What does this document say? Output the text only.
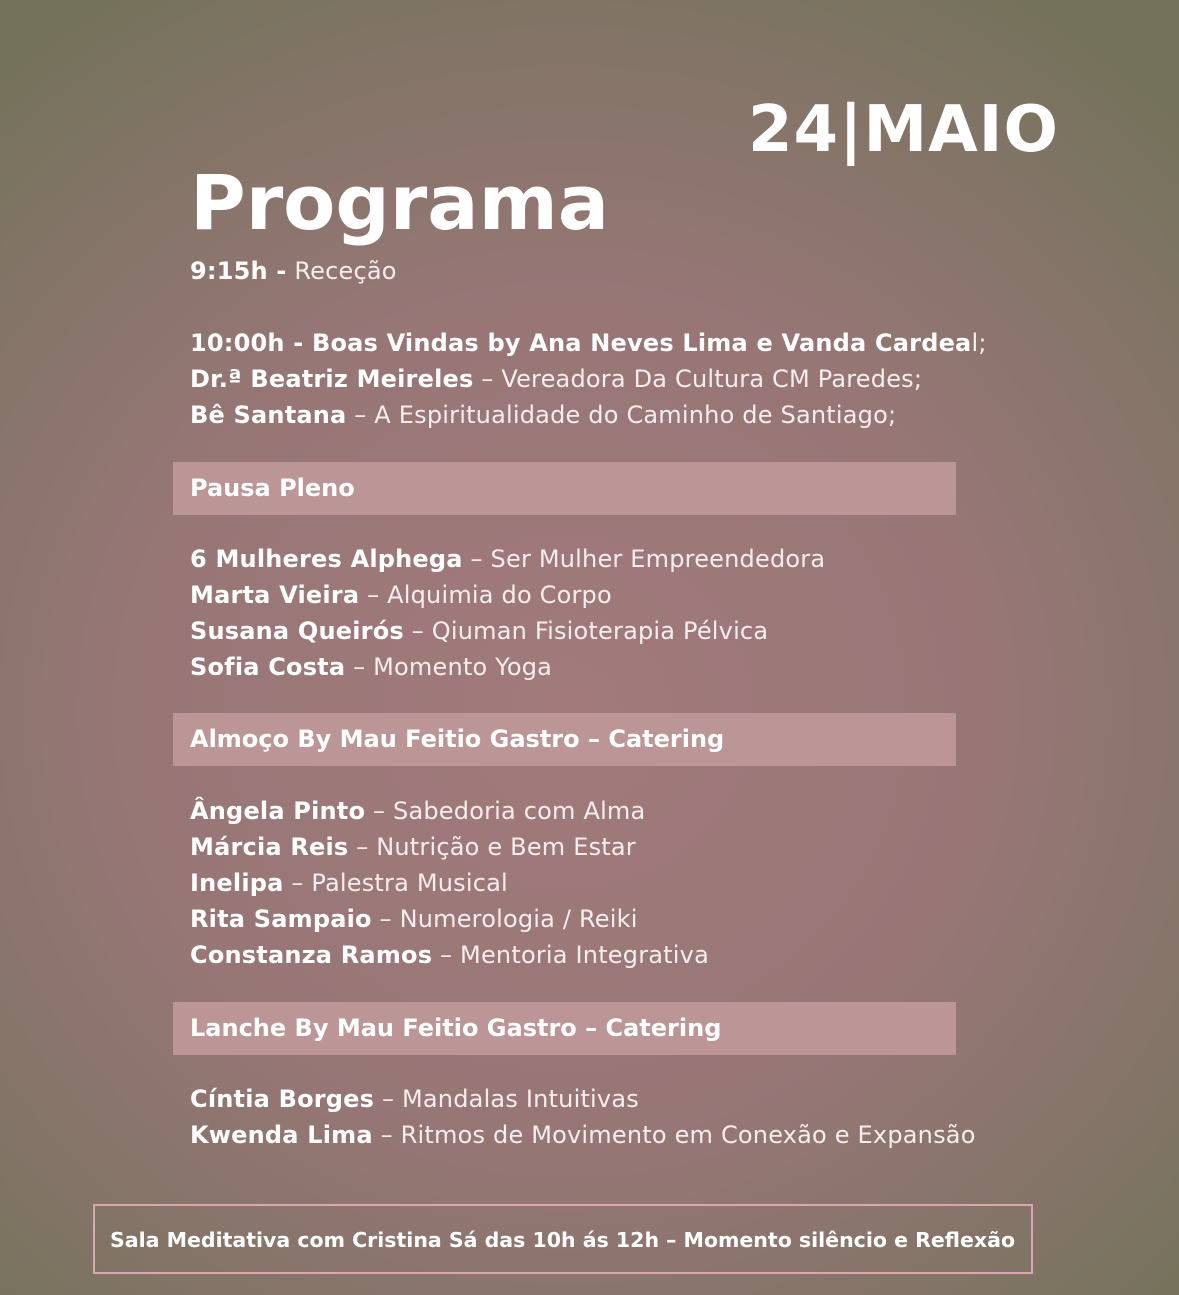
24|MAIO
Programa
9:15h - Receção
10:00h - Boas Vindas by Ana Neves Lima e Vanda Cardeal;
Dr.ª Beatriz Meireles – Vereadora Da Cultura CM Paredes;
Bê Santana – A Espiritualidade do Caminho de Santiago;
Pausa Pleno
6 Mulheres Alphega – Ser Mulher Empreendedora
Marta Vieira – Alquimia do Corpo
Susana Queirós – Qiuman Fisioterapia Pélvica
Sofia Costa – Momento Yoga
Almoço By Mau Feitio Gastro – Catering
Ângela Pinto – Sabedoria com Alma
Márcia Reis – Nutrição e Bem Estar
Inelipa – Palestra Musical
Rita Sampaio – Numerologia / Reiki
Constanza Ramos – Mentoria Integrativa
Lanche By Mau Feitio Gastro – Catering
Cíntia Borges – Mandalas Intuitivas
Kwenda Lima – Ritmos de Movimento em Conexão e Expansão
Sala Meditativa com Cristina Sá das 10h ás 12h – Momento silêncio e Reflexão
